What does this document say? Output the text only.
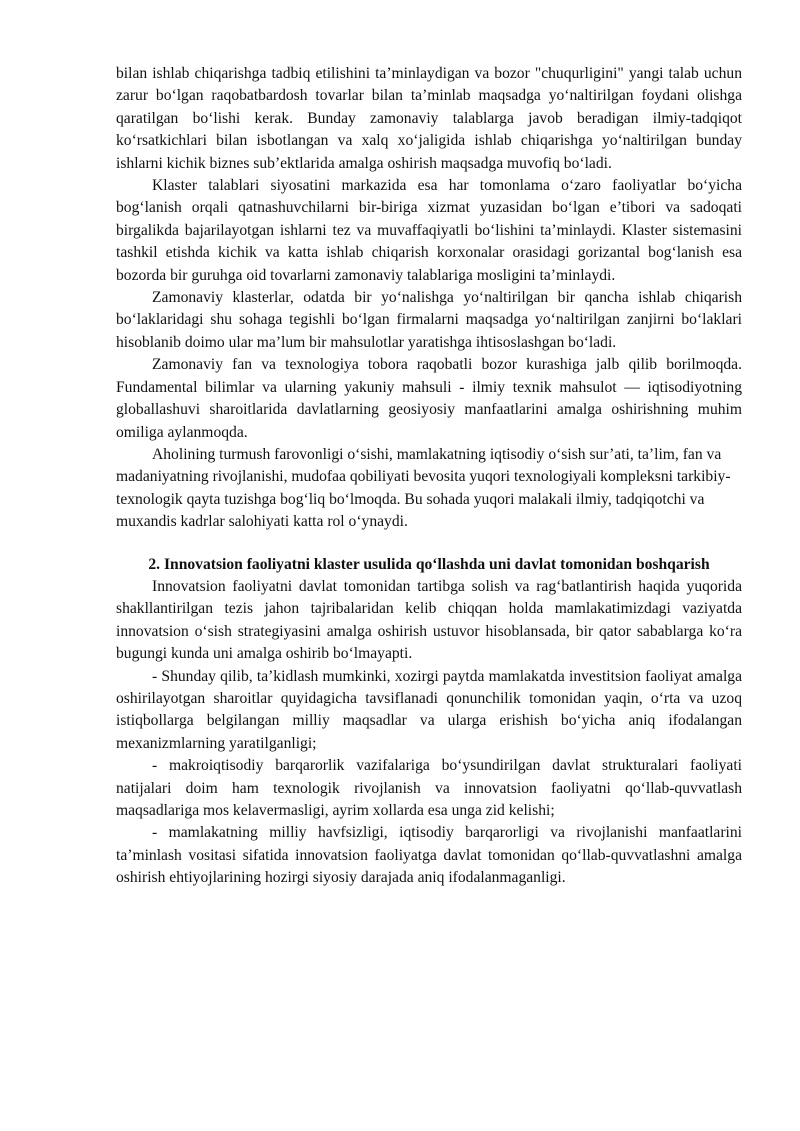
bilan ishlab chiqarishga tadbiq etilishini ta’minlaydigan va bozor "chuqurligini" yangi talab uchun zarur bo‘lgan raqobatbardosh tovarlar bilan ta’minlab maqsadga yo‘naltirilgan foydani olishga qaratilgan bo‘lishi kerak. Bunday zamonaviy talablarga javob beradigan ilmiy-tadqiqot ko‘rsatkichlari bilan isbotlangan va xalq xo‘jaligida ishlab chiqarishga yo‘naltirilgan bunday ishlarni kichik biznes sub’ektlarida amalga oshirish maqsadga muvofiq bo‘ladi.

Klaster talablari siyosatini markazida esa har tomonlama o‘zaro faoliyatlar bo‘yicha bog‘lanish orqali qatnashuvchilarni bir-biriga xizmat yuzasidan bo‘lgan e’tibori va sadoqati birgalikda bajarilayotgan ishlarni tez va muvaffaqiyatli bo‘lishini ta’minlaydi. Klaster sistemasini tashkil etishda kichik va katta ishlab chiqarish korxonalar orasidagi gorizantal bog‘lanish esa bozorda bir guruhga oid tovarlarni zamonaviy talablariga mosligini ta’minlaydi.

Zamonaviy klasterlar, odatda bir yo‘nalishga yo‘naltirilgan bir qancha ishlab chiqarish bo‘laklaridagi shu sohaga tegishli bo‘lgan firmalarni maqsadga yo‘naltirilgan zanjirni bo‘laklari hisoblanib doimo ular ma’lum bir mahsulotlar yaratishga ihtisoslashgan bo‘ladi.

Zamonaviy fan va texnologiya tobora raqobatli bozor kurashiga jalb qilib borilmoqda. Fundamental bilimlar va ularning yakuniy mahsuli - ilmiy texnik mahsulot — iqtisodiyotning globallashuvi sharoitlarida davlatlarning geosiyosiy manfaatlarini amalga oshirishning muhim omiliga aylanmoqda.

Aholining turmush farovonligi o‘sishi, mamlakatning iqtisodiy o‘sish sur’ati, ta’lim, fan va madaniyatning rivojlanishi, mudofaa qobiliyati bevosita yuqori texnologiyali kompleksni tarkibiy-texnologik qayta tuzishga bog‘liq bo‘lmoqda. Bu sohada yuqori malakali ilmiy, tadqiqotchi va muxandis kadrlar salohiyati katta rol o‘ynaydi.

2. Innovatsion faoliyatni klaster usulida qo‘llashda uni davlat tomonidan boshqarish

Innovatsion faoliyatni davlat tomonidan tartibga solish va rag‘batlantirish haqida yuqorida shakllantirilgan tezis jahon tajribalaridan kelib chiqqan holda mamlakatimizdagi vaziyatda innovatsion o‘sish strategiyasini amalga oshirish ustuvor hisoblansada, bir qator sabablarga ko‘ra bugungi kunda uni amalga oshirib bo‘lmayapti.

- Shunday qilib, ta’kidlash mumkinki, xozirgi paytda mamlakatda investitsion faoliyat amalga oshirilayotgan sharoitlar quyidagicha tavsiflanadi qonunchilik tomonidan yaqin, o‘rta va uzoq istiqbollarga belgilangan milliy maqsadlar va ularga erishish bo‘yicha aniq ifodalangan mexanizmlarning yaratilganligi;

- makroiqtisodiy barqarorlik vazifalariga bo‘ysundirilgan davlat strukturalari faoliyati natijalari doim ham texnologik rivojlanish va innovatsion faoliyatni qo‘llab-quvvatlash maqsadlariga mos kelavermasligi, ayrim xollarda esa unga zid kelishi;

- mamlakatning milliy havfsizligi, iqtisodiy barqarorligi va rivojlanishi manfaatlarini ta’minlash vositasi sifatida innovatsion faoliyatga davlat tomonidan qo‘llab-quvvatlashni amalga oshirish ehtiyojlarining hozirgi siyosiy darajada aniq ifodalanmaganligi.
